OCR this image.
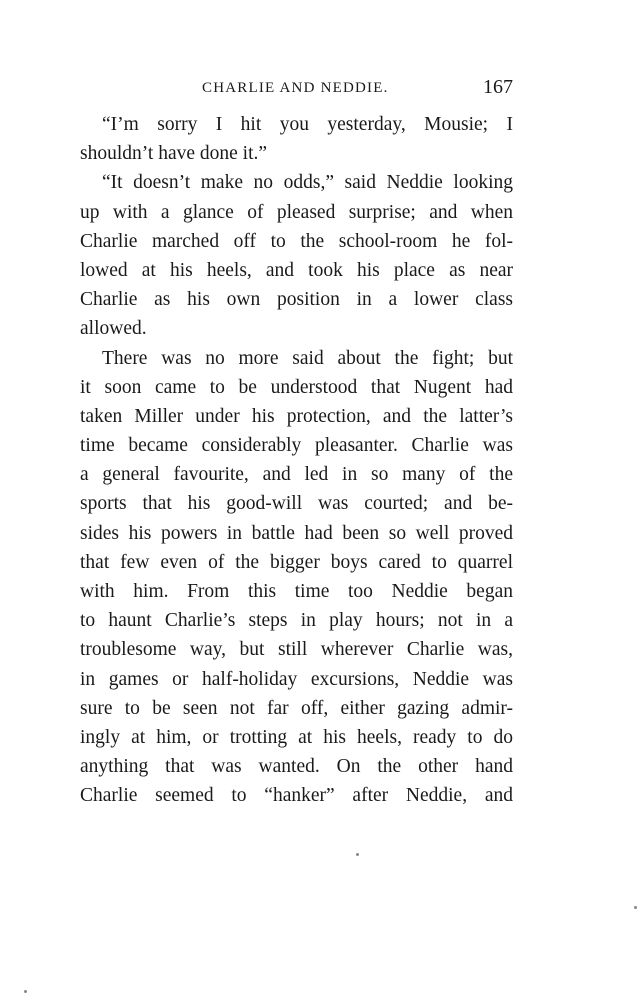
CHARLIE AND NEDDIE.	167
“I’m sorry I hit you yesterday, Mousie; I
shouldn’t have done it.”
“It doesn’t make no odds,” said Neddie looking
up with a glance of pleased surprise; and when
Charlie marched off to the school-room he fol-
lowed at his heels, and took his place as near
Charlie as his own position in a lower class
allowed.
There was no more said about the fight; but
it soon came to be understood that Nugent had
taken Miller under his protection, and the latter’s
time became considerably pleasanter. Charlie was
a general favourite, and led in so many of the
sports that his good-will was courted; and be-
sides his powers in battle had been so well proved
that few even of the bigger boys cared to quarrel
with him. From this time too Neddie began
to haunt Charlie’s steps in play hours; not in a
troublesome way, but still wherever Charlie was,
in games or half-holiday excursions, Neddie was
sure to be seen not far off, either gazing admir-
ingly at him, or trotting at his heels, ready to do
anything that was wanted. On the other hand
Charlie seemed to “hanker” after Neddie, and
